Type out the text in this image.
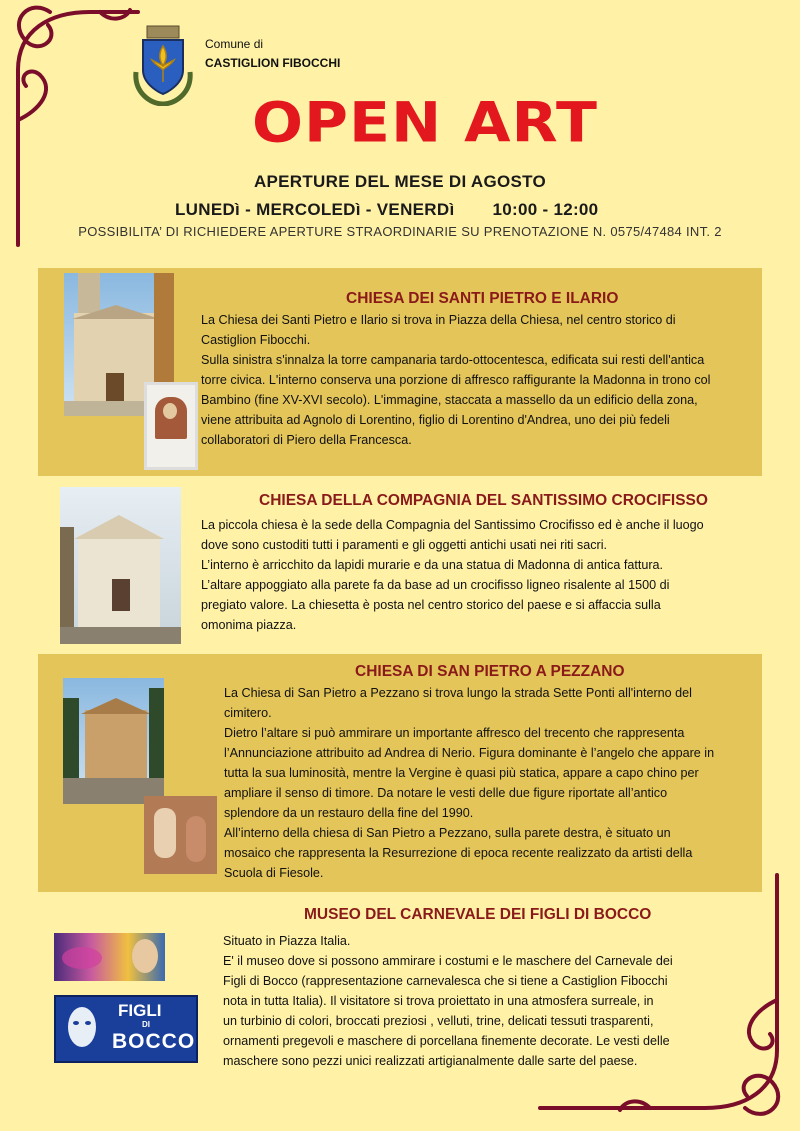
Comune di
CASTIGLION FIBOCCHI
OPEN ART
APERTURE DEL MESE DI AGOSTO
LUNEDì - MERCOLEDì - VENERDì 10:00 - 12:00
POSSIBILITA’ DI RICHIEDERE APERTURE STRAORDINARIE SU PRENOTAZIONE N. 0575/47484 INT. 2
CHIESA DEI SANTI PIETRO E ILARIO
La Chiesa dei Santi Pietro e Ilario si trova in Piazza della Chiesa, nel centro storico di
Castiglion Fibocchi.
Sulla sinistra s'innalza la torre campanaria tardo-ottocentesca, edificata sui resti dell'antica
torre civica. L'interno conserva una porzione di affresco raffigurante la Madonna in trono col
Bambino (fine XV-XVI secolo). L'immagine, staccata a massello da un edificio della zona,
viene attribuita ad Agnolo di Lorentino, figlio di Lorentino d'Andrea, uno dei più fedeli
collaboratori di Piero della Francesca.
CHIESA DELLA COMPAGNIA DEL SANTISSIMO CROCIFISSO
La piccola chiesa è la sede della Compagnia del Santissimo Crocifisso ed è anche il luogo
dove sono custoditi tutti i paramenti e gli oggetti antichi usati nei riti sacri.
L’interno è arricchito da lapidi murarie e da una statua di Madonna di antica fattura.
L’altare appoggiato alla parete fa da base ad un crocifisso ligneo risalente al 1500 di
pregiato valore. La chiesetta è posta nel centro storico del paese e si affaccia sulla
omonima piazza.
CHIESA DI SAN PIETRO A PEZZANO
La Chiesa di San Pietro a Pezzano si trova lungo la strada Sette Ponti all'interno del
cimitero.
Dietro l’altare si può ammirare un importante affresco del trecento che rappresenta
l’Annunciazione attribuito ad Andrea di Nerio. Figura dominante è l’angelo che appare in
tutta la sua luminosità, mentre la Vergine è quasi più statica, appare a capo chino per
ampliare il senso di timore. Da notare le vesti delle due figure riportate all’antico
splendore da un restauro della fine del 1990.
All’interno della chiesa di San Pietro a Pezzano, sulla parete destra, è situato un
mosaico che rappresenta la Resurrezione di epoca recente realizzato da artisti della
Scuola di Fiesole.
FIGLI
DI
BOCCO
MUSEO DEL CARNEVALE DEI FIGLI DI BOCCO
Situato in Piazza Italia.
E' il museo dove si possono ammirare i costumi e le maschere del Carnevale dei
Figli di Bocco (rappresentazione carnevalesca che si tiene a Castiglion Fibocchi
nota in tutta Italia). Il visitatore si trova proiettato in una atmosfera surreale, in
un turbinio di colori, broccati preziosi , velluti, trine, delicati tessuti trasparenti,
ornamenti pregevoli e maschere di porcellana finemente decorate. Le vesti delle
maschere sono pezzi unici realizzati artigianalmente dalle sarte del paese.
